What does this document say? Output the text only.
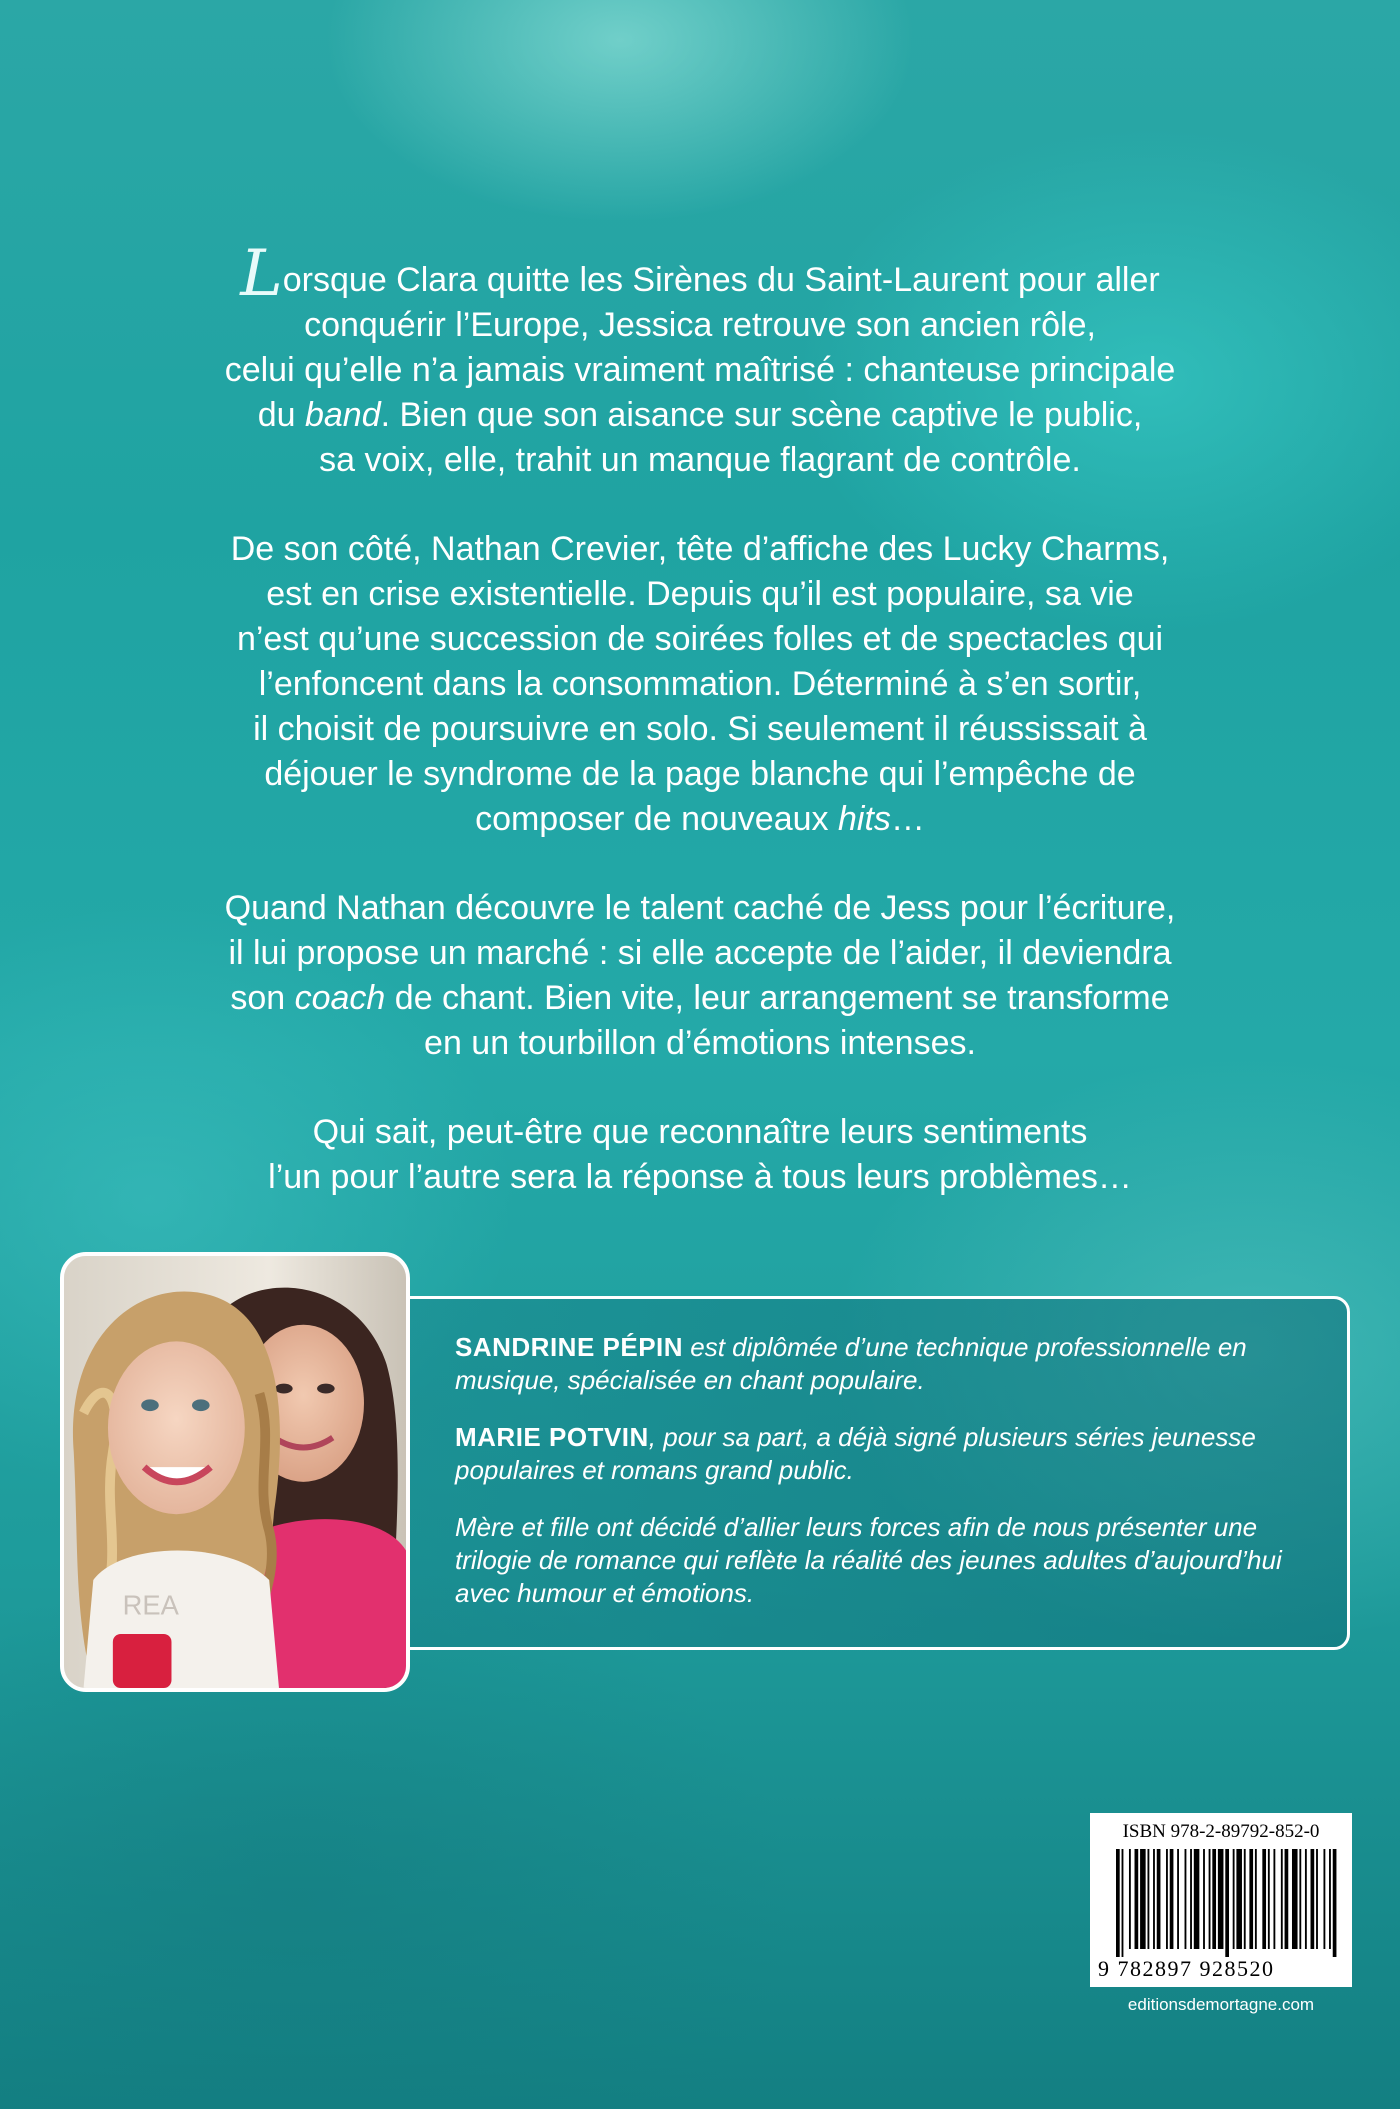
Lorsque Clara quitte les Sirènes du Saint-Laurent pour aller
conquérir l’Europe, Jessica retrouve son ancien rôle,
celui qu’elle n’a jamais vraiment maîtrisé : chanteuse principale
du band. Bien que son aisance sur scène captive le public,
sa voix, elle, trahit un manque flagrant de contrôle.

De son côté, Nathan Crevier, tête d’affiche des Lucky Charms,
est en crise existentielle. Depuis qu’il est populaire, sa vie
n’est qu’une succession de soirées folles et de spectacles qui
l’enfoncent dans la consommation. Déterminé à s’en sortir,
il choisit de poursuivre en solo. Si seulement il réussissait à
déjouer le syndrome de la page blanche qui l’empêche de
composer de nouveaux hits…

Quand Nathan découvre le talent caché de Jess pour l’écriture,
il lui propose un marché : si elle accepte de l’aider, il deviendra
son coach de chant. Bien vite, leur arrangement se transforme
en un tourbillon d’émotions intenses.

Qui sait, peut-être que reconnaître leurs sentiments
l’un pour l’autre sera la réponse à tous leurs problèmes…

SANDRINE PÉPIN est diplômée d’une technique professionnelle en musique, spécialisée en chant populaire.

MARIE POTVIN, pour sa part, a déjà signé plusieurs séries jeunesse populaires et romans grand public.

Mère et fille ont décidé d’allier leurs forces afin de nous présenter une trilogie de romance qui reflète la réalité des jeunes adultes d’aujourd’hui avec humour et émotions.

REA
ISBN 978-2-89792-852-0
9 782897 928520
editionsdemortagne.com
